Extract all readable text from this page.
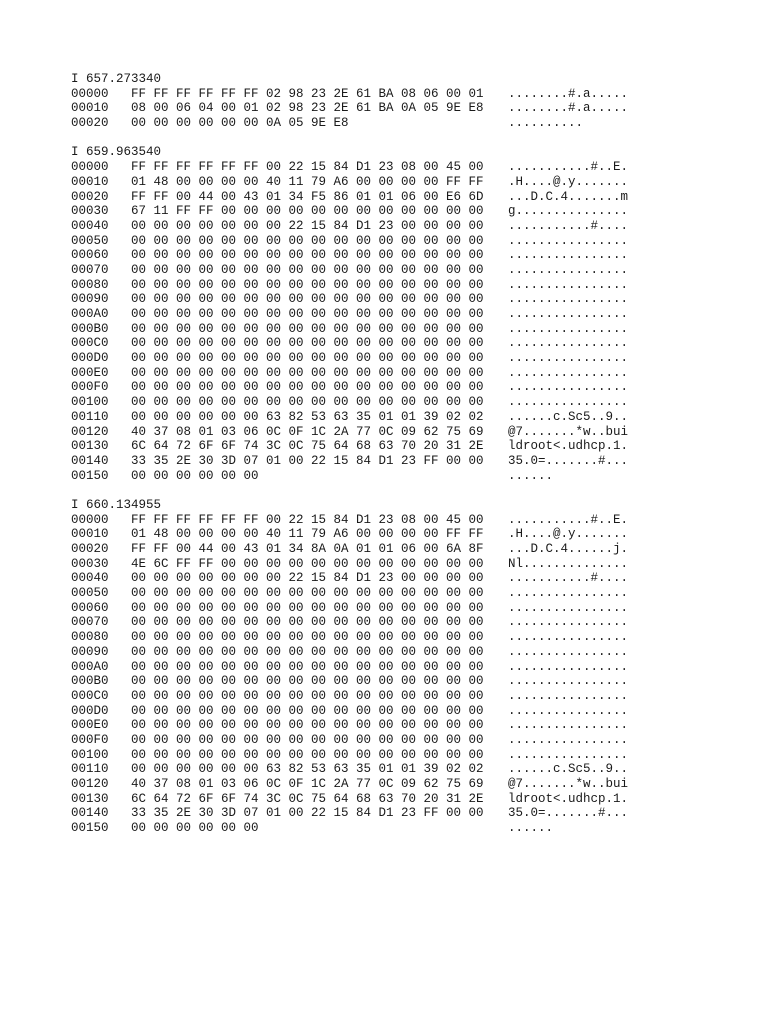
I 657.273340
00000 FF FF FF FF FF FF 02 98 23 2E 61 BA 08 06 00 01 ........#.a.....
00010 08 00 06 04 00 01 02 98 23 2E 61 BA 0A 05 9E E8 ........#.a.....
00020 00 00 00 00 00 00 0A 05 9E E8	..........
I 659.963540
00000 FF FF FF FF FF FF 00 22 15 84 D1 23 08 00 45 00 ...........#..E.
00010 01 48 00 00 00 00 40 11 79 A6 00 00 00 00 FF FF .H....@.y.......
00020 FF FF 00 44 00 43 01 34 F5 86 01 01 06 00 E6 6D ...D.C.4.......m
00030 67 11 FF FF 00 00 00 00 00 00 00 00 00 00 00 00 g...............
00040 00 00 00 00 00 00 00 22 15 84 D1 23 00 00 00 00 ...........#....
00050 00 00 00 00 00 00 00 00 00 00 00 00 00 00 00 00 ................
00060 00 00 00 00 00 00 00 00 00 00 00 00 00 00 00 00 ................
00070 00 00 00 00 00 00 00 00 00 00 00 00 00 00 00 00 ................
00080 00 00 00 00 00 00 00 00 00 00 00 00 00 00 00 00 ................
00090 00 00 00 00 00 00 00 00 00 00 00 00 00 00 00 00 ................
000A0 00 00 00 00 00 00 00 00 00 00 00 00 00 00 00 00 ................
000B0 00 00 00 00 00 00 00 00 00 00 00 00 00 00 00 00 ................
000C0 00 00 00 00 00 00 00 00 00 00 00 00 00 00 00 00 ................
000D0 00 00 00 00 00 00 00 00 00 00 00 00 00 00 00 00 ................
000E0 00 00 00 00 00 00 00 00 00 00 00 00 00 00 00 00 ................
000F0 00 00 00 00 00 00 00 00 00 00 00 00 00 00 00 00 ................
00100 00 00 00 00 00 00 00 00 00 00 00 00 00 00 00 00 ................
00110 00 00 00 00 00 00 63 82 53 63 35 01 01 39 02 02 ......c.Sc5..9..
00120 40 37 08 01 03 06 0C 0F 1C 2A 77 0C 09 62 75 69 @7.......*w..bui
00130 6C 64 72 6F 6F 74 3C 0C 75 64 68 63 70 20 31 2E ldroot<.udhcp.1.
00140 33 35 2E 30 3D 07 01 00 22 15 84 D1 23 FF 00 00 35.0=.......#...
00150 00 00 00 00 00 00	......
I 660.134955
00000 FF FF FF FF FF FF 00 22 15 84 D1 23 08 00 45 00 ...........#..E.
00010 01 48 00 00 00 00 40 11 79 A6 00 00 00 00 FF FF .H....@.y.......
00020 FF FF 00 44 00 43 01 34 8A 0A 01 01 06 00 6A 8F ...D.C.4......j.
00030 4E 6C FF FF 00 00 00 00 00 00 00 00 00 00 00 00 Nl..............
00040 00 00 00 00 00 00 00 22 15 84 D1 23 00 00 00 00 ...........#....
00050 00 00 00 00 00 00 00 00 00 00 00 00 00 00 00 00 ................
00060 00 00 00 00 00 00 00 00 00 00 00 00 00 00 00 00 ................
00070 00 00 00 00 00 00 00 00 00 00 00 00 00 00 00 00 ................
00080 00 00 00 00 00 00 00 00 00 00 00 00 00 00 00 00 ................
00090 00 00 00 00 00 00 00 00 00 00 00 00 00 00 00 00 ................
000A0 00 00 00 00 00 00 00 00 00 00 00 00 00 00 00 00 ................
000B0 00 00 00 00 00 00 00 00 00 00 00 00 00 00 00 00 ................
000C0 00 00 00 00 00 00 00 00 00 00 00 00 00 00 00 00 ................
000D0 00 00 00 00 00 00 00 00 00 00 00 00 00 00 00 00 ................
000E0 00 00 00 00 00 00 00 00 00 00 00 00 00 00 00 00 ................
000F0 00 00 00 00 00 00 00 00 00 00 00 00 00 00 00 00 ................
00100 00 00 00 00 00 00 00 00 00 00 00 00 00 00 00 00 ................
00110 00 00 00 00 00 00 63 82 53 63 35 01 01 39 02 02 ......c.Sc5..9..
00120 40 37 08 01 03 06 0C 0F 1C 2A 77 0C 09 62 75 69 @7.......*w..bui
00130 6C 64 72 6F 6F 74 3C 0C 75 64 68 63 70 20 31 2E ldroot<.udhcp.1.
00140 33 35 2E 30 3D 07 01 00 22 15 84 D1 23 FF 00 00 35.0=.......#...
00150 00 00 00 00 00 00	......
